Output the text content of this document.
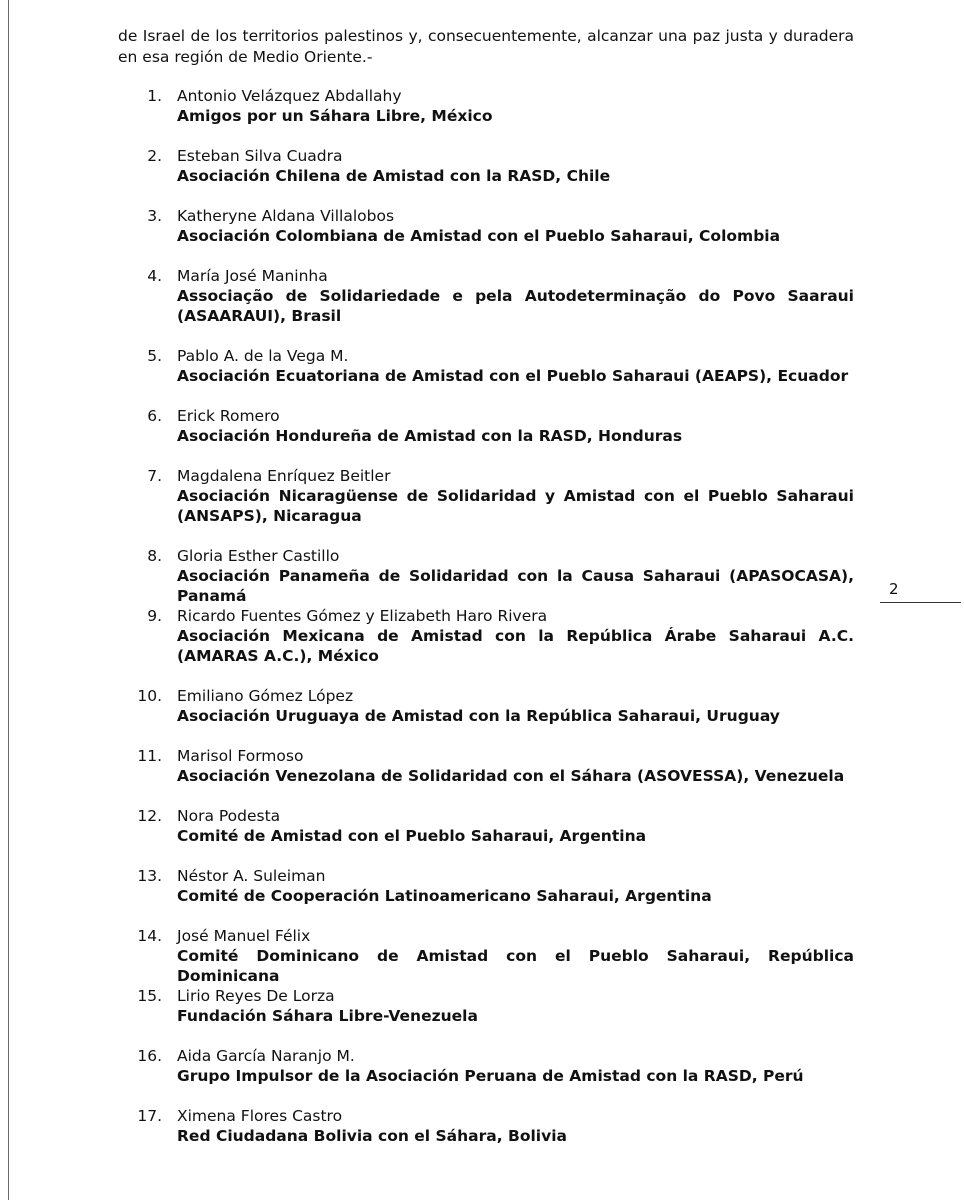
de Israel de los territorios palestinos y, consecuentemente, alcanzar una paz justa y duradera en esa región de Medio Oriente.-

1. Antonio Velázquez Abdallahy
Amigos por un Sáhara Libre, México
2. Esteban Silva Cuadra
Asociación Chilena de Amistad con la RASD, Chile
3. Katheryne Aldana Villalobos
Asociación Colombiana de Amistad con el Pueblo Saharaui, Colombia
4. María José Maninha
Associação de Solidariedade e pela Autodeterminação do Povo Saaraui (ASAARAUI), Brasil
5. Pablo A. de la Vega M.
Asociación Ecuatoriana de Amistad con el Pueblo Saharaui (AEAPS), Ecuador
6. Erick Romero
Asociación Hondureña de Amistad con la RASD, Honduras
7. Magdalena Enríquez Beitler
Asociación Nicaragüense de Solidaridad y Amistad con el Pueblo Saharaui (ANSAPS), Nicaragua
8. Gloria Esther Castillo
Asociación Panameña de Solidaridad con la Causa Saharaui (APASOCASA), Panamá
9. Ricardo Fuentes Gómez y Elizabeth Haro Rivera
Asociación Mexicana de Amistad con la República Árabe Saharaui A.C. (AMARAS A.C.), México
10. Emiliano Gómez López
Asociación Uruguaya de Amistad con la República Saharaui, Uruguay
11. Marisol Formoso
Asociación Venezolana de Solidaridad con el Sáhara (ASOVESSA), Venezuela
12. Nora Podesta
Comité de Amistad con el Pueblo Saharaui, Argentina
13. Néstor A. Suleiman
Comité de Cooperación Latinoamericano Saharaui, Argentina
14. José Manuel Félix
Comité Dominicano de Amistad con el Pueblo Saharaui, República Dominicana
15. Lirio Reyes De Lorza
Fundación Sáhara Libre-Venezuela
16. Aida García Naranjo M.
Grupo Impulsor de la Asociación Peruana de Amistad con la RASD, Perú
17. Ximena Flores Castro
Red Ciudadana Bolivia con el Sáhara, Bolivia
2
